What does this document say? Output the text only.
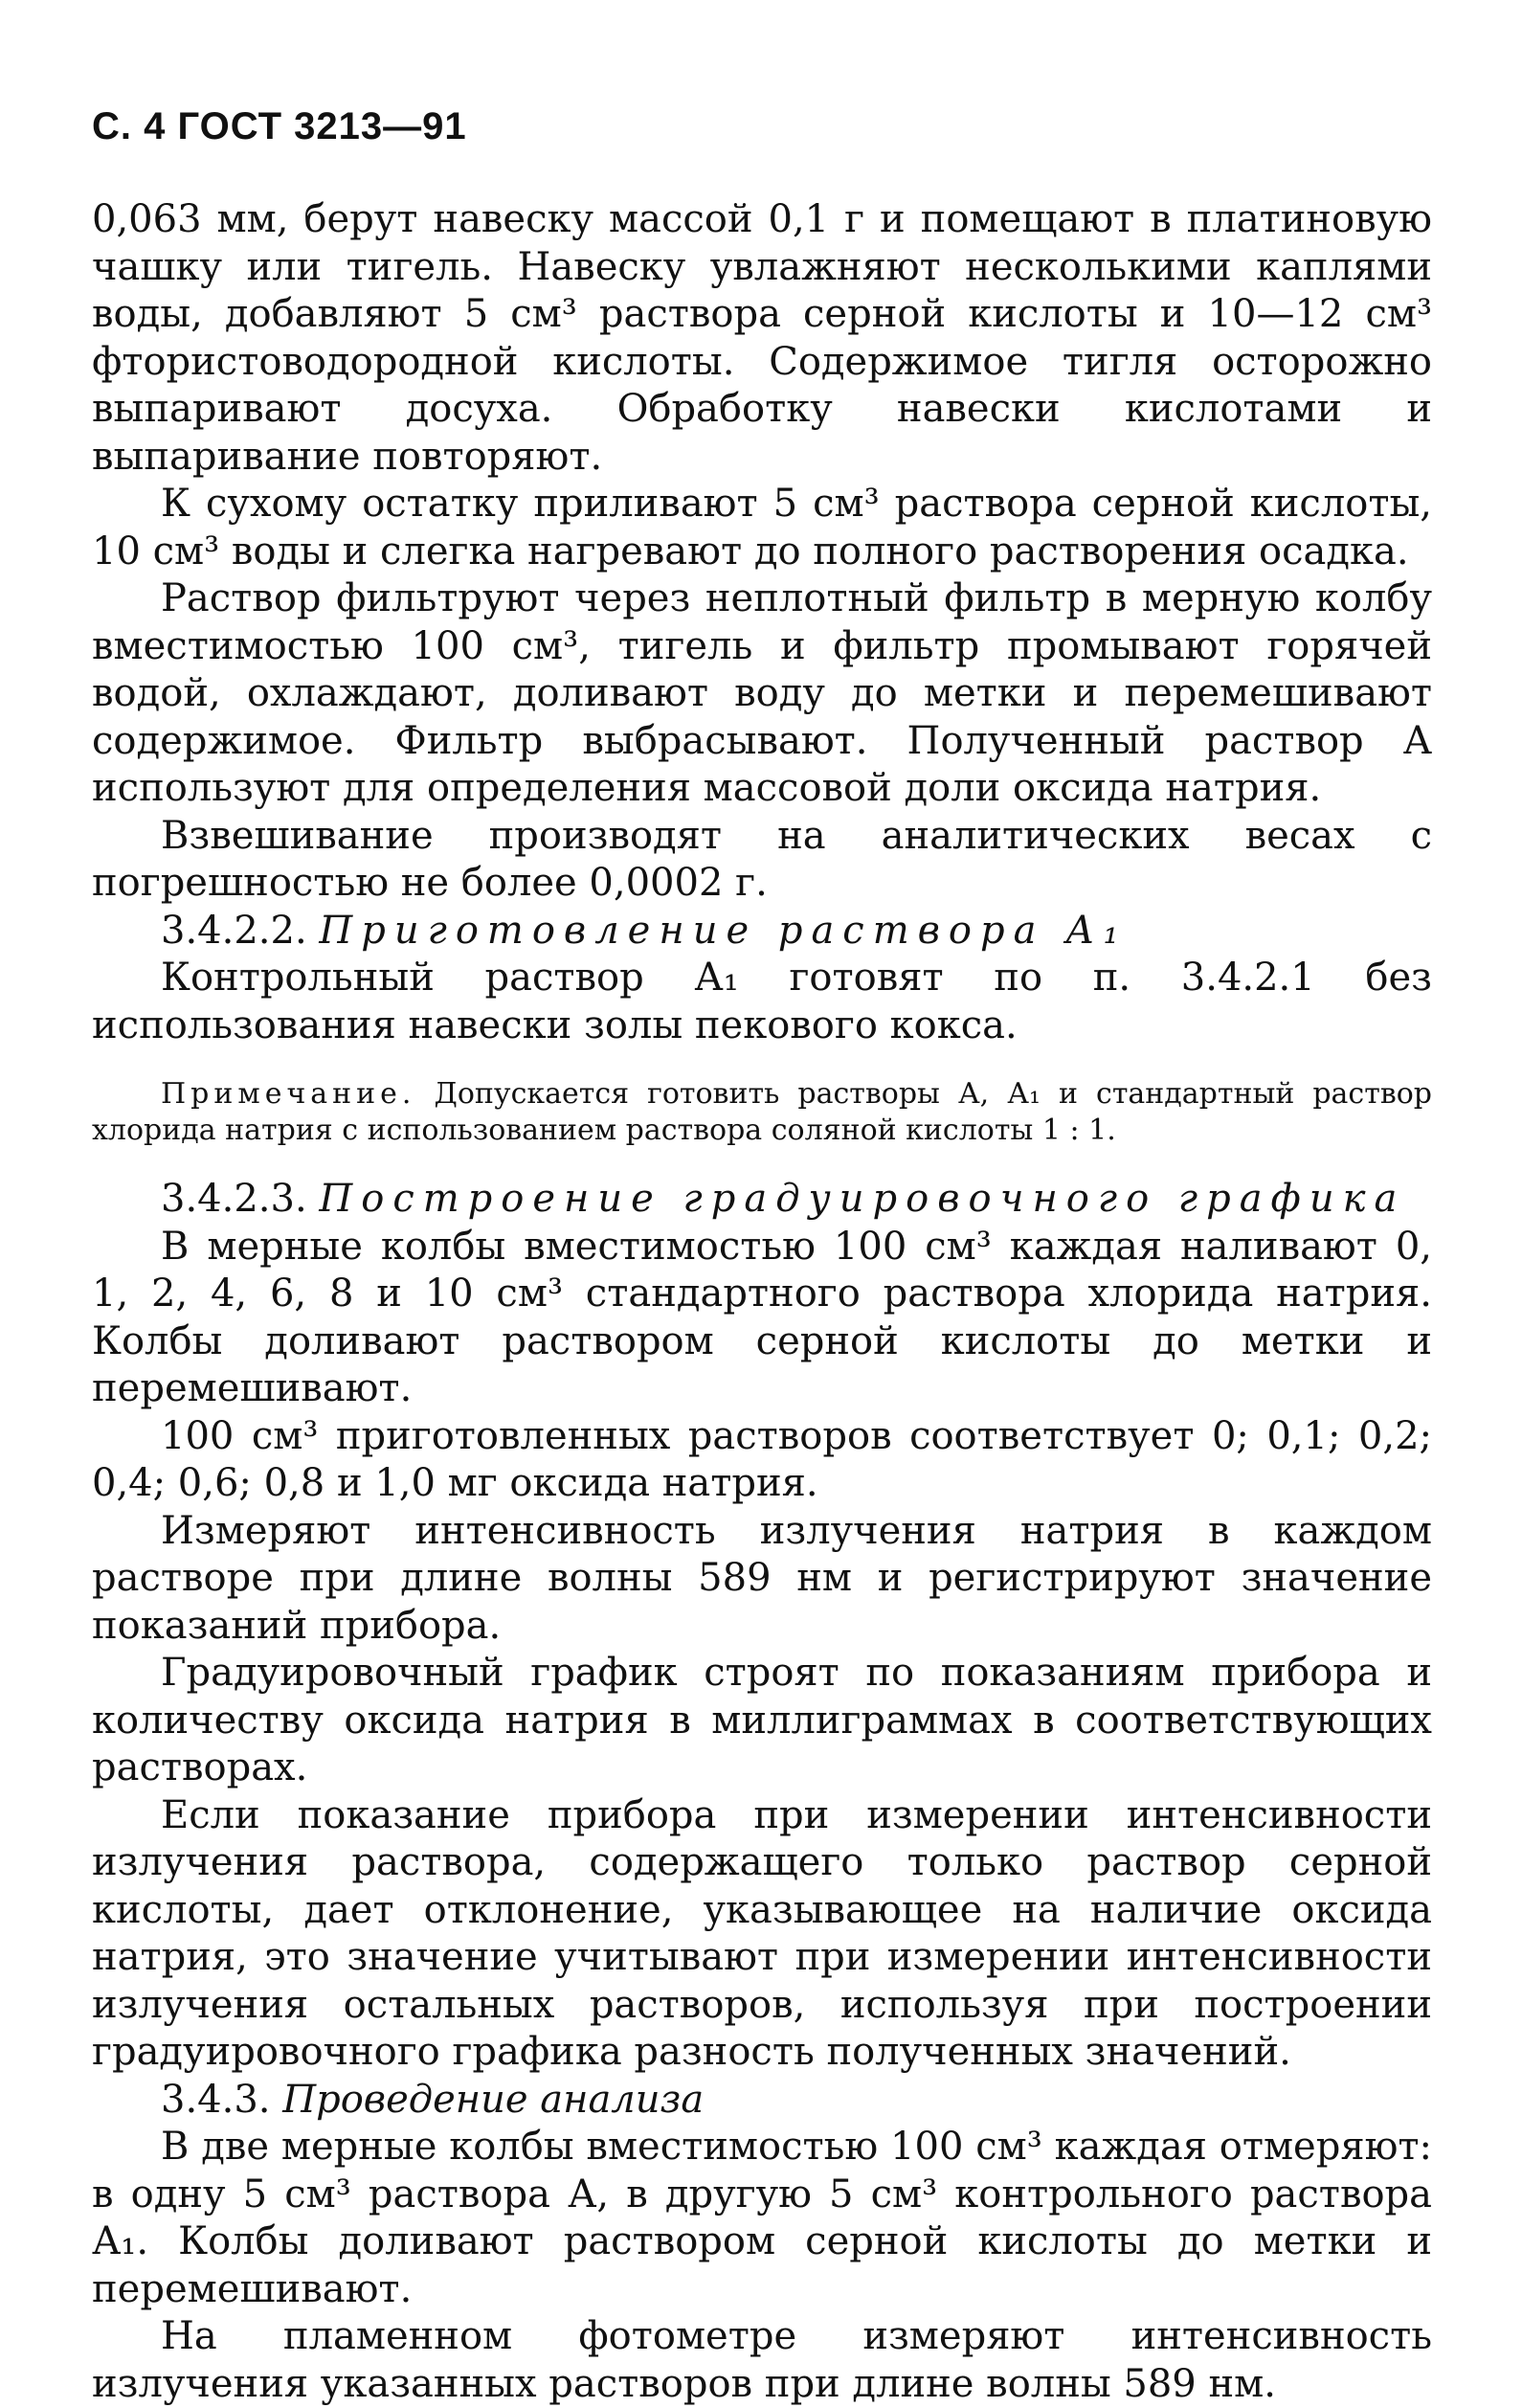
С. 4 ГОСТ 3213—91

0,063 мм, берут навеску массой 0,1 г и помещают в платиновую чашку или тигель. Навеску увлажняют несколькими каплями воды, добавляют 5 см³ раствора серной кислоты и 10—12 см³ фтористоводородной кислоты. Содержимое тигля осторожно выпаривают досуха. Обработку навески кислотами и выпаривание повторяют.

К сухому остатку приливают 5 см³ раствора серной кислоты, 10 см³ воды и слегка нагревают до полного растворения осадка.

Раствор фильтруют через неплотный фильтр в мерную колбу вместимостью 100 см³, тигель и фильтр промывают горячей водой, охлаждают, доливают воду до метки и перемешивают содержимое. Фильтр выбрасывают. Полученный раствор А используют для определения массовой доли оксида натрия.

Взвешивание производят на аналитических весах с погрешностью не более 0,0002 г.

3.4.2.2. Приготовление раствора А₁

Контрольный раствор А₁ готовят по п. 3.4.2.1 без использования навески золы пекового кокса.

Примечание. Допускается готовить растворы А, А₁ и стандартный раствор хлорида натрия с использованием раствора соляной кислоты 1 : 1.

3.4.2.3. Построение градуировочного графика

В мерные колбы вместимостью 100 см³ каждая наливают 0, 1, 2, 4, 6, 8 и 10 см³ стандартного раствора хлорида натрия. Колбы доливают раствором серной кислоты до метки и перемешивают.

100 см³ приготовленных растворов соответствует 0; 0,1; 0,2; 0,4; 0,6; 0,8 и 1,0 мг оксида натрия.

Измеряют интенсивность излучения натрия в каждом растворе при длине волны 589 нм и регистрируют значение показаний прибора.

Градуировочный график строят по показаниям прибора и количеству оксида натрия в миллиграммах в соответствующих растворах.

Если показание прибора при измерении интенсивности излучения раствора, содержащего только раствор серной кислоты, дает отклонение, указывающее на наличие оксида натрия, это значение учитывают при измерении интенсивности излучения остальных растворов, используя при построении градуировочного графика разность полученных значений.

3.4.3. Проведение анализа

В две мерные колбы вместимостью 100 см³ каждая отмеряют: в одну 5 см³ раствора А, в другую 5 см³ контрольного раствора А₁. Колбы доливают раствором серной кислоты до метки и перемешивают.

На пламенном фотометре измеряют интенсивность излучения указанных растворов при длине волны 589 нм.
